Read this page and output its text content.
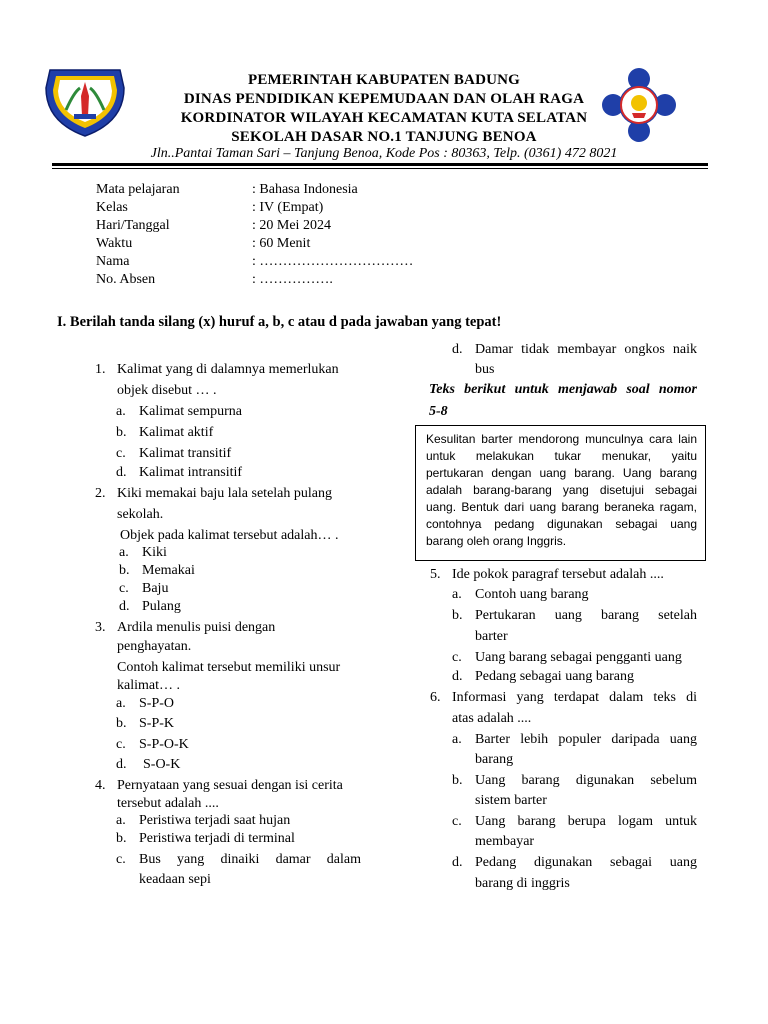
PEMERINTAH KABUPATEN BADUNG
DINAS PENDIDIKAN KEPEMUDAAN DAN OLAH RAGA
KORDINATOR WILAYAH KECAMATAN KUTA SELATAN
SEKOLAH DASAR NO.1 TANJUNG BENOA
Jln..Pantai Taman Sari – Tanjung Benoa, Kode Pos : 80363, Telp. (0361) 472 8021
Mata pelajaran	: Bahasa Indonesia
Kelas	: IV (Empat)
Hari/Tanggal	: 20 Mei 2024
Waktu	: 60 Menit
Nama	: ……………………………
No. Absen	: …………….
I. Berilah tanda silang (x) huruf a, b, c atau d pada jawaban yang tepat!
1. Kalimat yang di dalamnya memerlukan
objek disebut … .
a. Kalimat sempurna
b. Kalimat aktif
c. Kalimat transitif
d. Kalimat intransitif
2. Kiki memakai baju lala setelah pulang
sekolah.
Objek pada kalimat tersebut adalah… .
a. Kiki
b. Memakai
c. Baju
d. Pulang
3. Ardila menulis puisi dengan
penghayatan.
Contoh kalimat tersebut memiliki unsur
kalimat… .
a. S-P-O
b. S-P-K
c. S-P-O-K
d. S-O-K
4. Pernyataan yang sesuai dengan isi cerita
tersebut adalah ....
a. Peristiwa terjadi saat hujan
b. Peristiwa terjadi di terminal
c. Bus yang dinaiki damar dalam
keadaan sepi
d. Damar tidak membayar ongkos naik
bus
Teks berikut untuk menjawab soal nomor
5-8
Kesulitan barter mendorong munculnya cara lain
untuk melakukan tukar menukar, yaitu
pertukaran dengan uang barang. Uang barang
adalah barang-barang yang disetujui sebagai
uang. Bentuk dari uang barang beraneka ragam,
contohnya pedang digunakan sebagai uang
barang oleh orang Inggris.
5. Ide pokok paragraf tersebut adalah ....
a. Contoh uang barang
b. Pertukaran uang barang setelah
barter
c. Uang barang sebagai pengganti uang
d. Pedang sebagai uang barang
6. Informasi yang terdapat dalam teks di
atas adalah ....
a. Barter lebih populer daripada uang
barang
b. Uang barang digunakan sebelum
sistem barter
c. Uang barang berupa logam untuk
membayar
d. Pedang digunakan sebagai uang
barang di inggris
